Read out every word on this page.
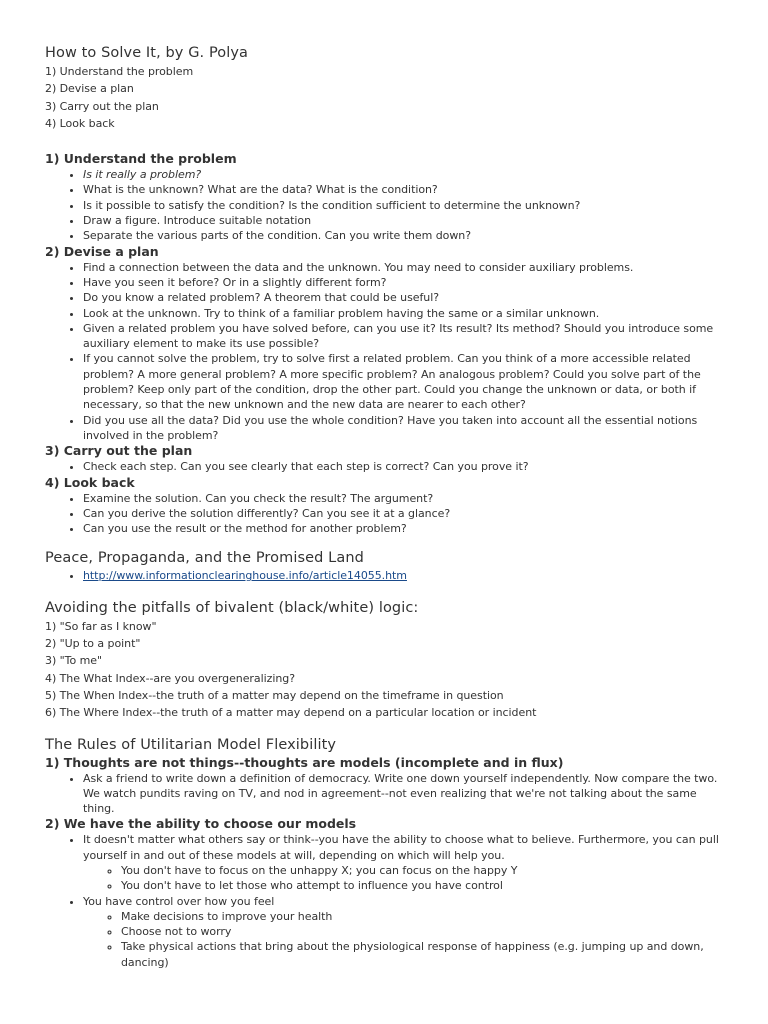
How to Solve It, by G. Polya
1) Understand the problem
2) Devise a plan
3) Carry out the plan
4) Look back
1) Understand the problem
• Is it really a problem?
• What is the unknown? What are the data? What is the condition?
• Is it possible to satisfy the condition? Is the condition sufficient to determine the unknown?
• Draw a figure. Introduce suitable notation
• Separate the various parts of the condition. Can you write them down?
2) Devise a plan
• Find a connection between the data and the unknown. You may need to consider auxiliary problems.
• Have you seen it before? Or in a slightly different form?
• Do you know a related problem? A theorem that could be useful?
• Look at the unknown. Try to think of a familiar problem having the same or a similar unknown.
• Given a related problem you have solved before, can you use it? Its result? Its method? Should you introduce some auxiliary element to make its use possible?
• If you cannot solve the problem, try to solve first a related problem. Can you think of a more accessible related problem? A more general problem? A more specific problem? An analogous problem? Could you solve part of the problem? Keep only part of the condition, drop the other part. Could you change the unknown or data, or both if necessary, so that the new unknown and the new data are nearer to each other?
• Did you use all the data? Did you use the whole condition? Have you taken into account all the essential notions involved in the problem?
3) Carry out the plan
• Check each step. Can you see clearly that each step is correct? Can you prove it?
4) Look back
• Examine the solution. Can you check the result? The argument?
• Can you derive the solution differently? Can you see it at a glance?
• Can you use the result or the method for another problem?
Peace, Propaganda, and the Promised Land
• http://www.informationclearinghouse.info/article14055.htm
Avoiding the pitfalls of bivalent (black/white) logic:
1) "So far as I know"
2) "Up to a point"
3) "To me"
4) The What Index--are you overgeneralizing?
5) The When Index--the truth of a matter may depend on the timeframe in question
6) The Where Index--the truth of a matter may depend on a particular location or incident
The Rules of Utilitarian Model Flexibility
1) Thoughts are not things--thoughts are models (incomplete and in flux)
• Ask a friend to write down a definition of democracy. Write one down yourself independently. Now compare the two. We watch pundits raving on TV, and nod in agreement--not even realizing that we're not talking about the same thing.
2) We have the ability to choose our models
• It doesn't matter what others say or think--you have the ability to choose what to believe. Furthermore, you can pull yourself in and out of these models at will, depending on which will help you.
◦ You don't have to focus on the unhappy X; you can focus on the happy Y
◦ You don't have to let those who attempt to influence you have control
• You have control over how you feel
◦ Make decisions to improve your health
◦ Choose not to worry
◦ Take physical actions that bring about the physiological response of happiness (e.g. jumping up and down, dancing)
